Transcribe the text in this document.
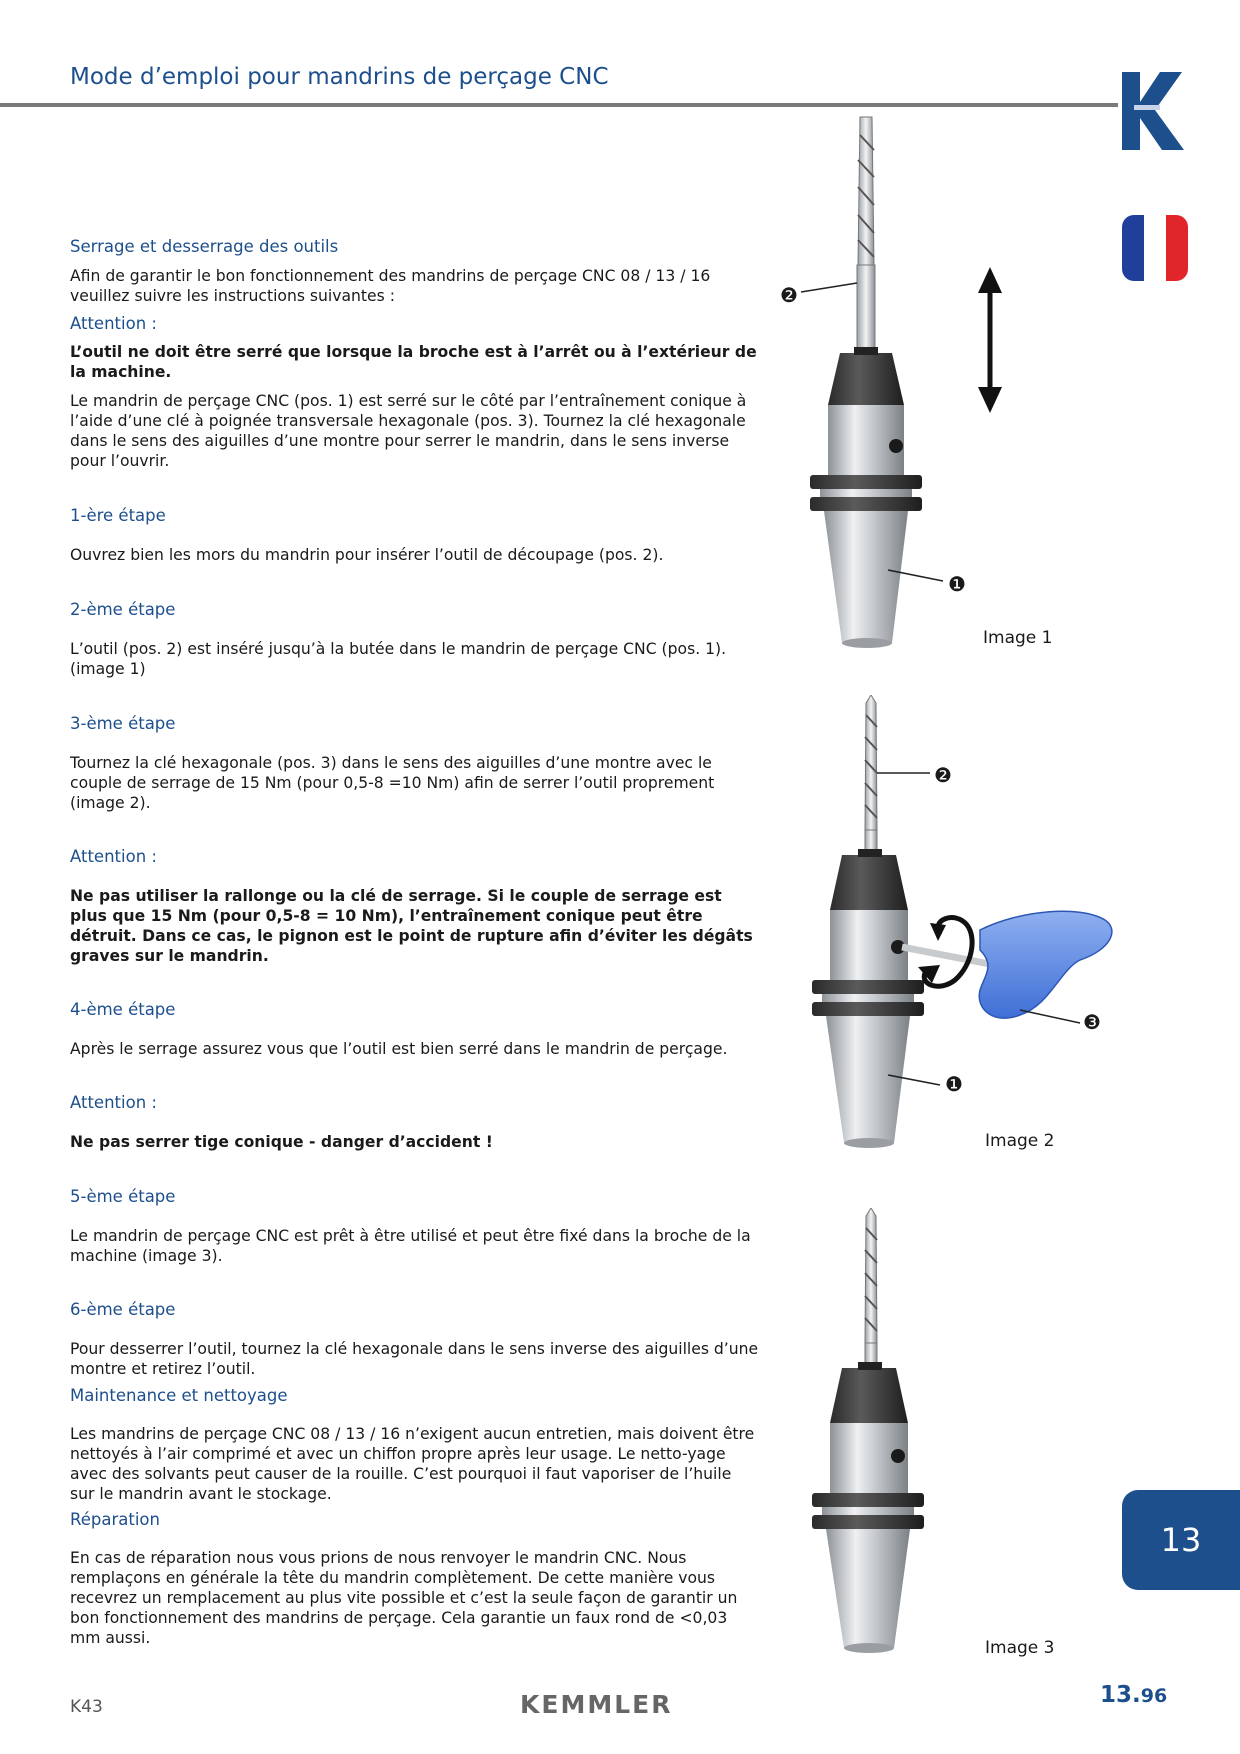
Mode d’emploi pour mandrins de perçage CNC
Serrage et desserrage des outils
Afin de garantir le bon fonctionnement des mandrins de perçage CNC 08 / 13 / 16 veuillez suivre les instructions suivantes :
Attention :
L’outil ne doit être serré que lorsque la broche est à l’arrêt ou à l’extérieur de la machine.
Le mandrin de perçage CNC (pos. 1) est serré sur le côté par l’entraînement conique à l’aide d’une clé à poignée transversale hexagonale (pos. 3). Tournez la clé hexagonale dans le sens des aiguilles d’une montre pour serrer le mandrin, dans le sens inverse pour l’ouvrir.
1-ère étape
Ouvrez bien les mors du mandrin pour insérer l’outil de découpage (pos. 2).
2-ème étape
L’outil (pos. 2) est inséré jusqu’à la butée dans le mandrin de perçage CNC (pos. 1). (image 1)
3-ème étape
Tournez la clé hexagonale (pos. 3) dans le sens des aiguilles d’une montre avec le couple de serrage de 15 Nm (pour 0,5-8 =10 Nm) afin de serrer l’outil proprement (image 2).
Attention :
Ne pas utiliser la rallonge ou la clé de serrage. Si le couple de serrage est plus que 15 Nm (pour 0,5-8 = 10 Nm), l’entraînement conique peut être détruit. Dans ce cas, le pignon est le point de rupture afin d’éviter les dégâts graves sur le mandrin.
4-ème étape
Après le serrage assurez vous que l’outil est bien serré dans le mandrin de perçage.
Attention :
Ne pas serrer tige conique - danger d’accident !
5-ème étape
Le mandrin de perçage CNC est prêt à être utilisé et peut être fixé dans la broche de la machine (image 3).
6-ème étape
Pour desserrer l’outil, tournez la clé hexagonale dans le sens inverse des aiguilles d’une montre et retirez l’outil.
Maintenance et nettoyage
Les mandrins de perçage CNC 08 / 13 / 16 n’exigent aucun entretien, mais doivent être nettoyés à l’air comprimé et avec un chiffon propre après leur usage. Le netto-yage avec des solvants peut causer de la rouille. C’est pourquoi il faut vaporiser de l’huile sur le mandrin avant le stockage.
Réparation
En cas de réparation nous vous prions de nous renvoyer le mandrin CNC. Nous remplaçons en générale la tête du mandrin complètement. De cette manière vous recevrez un remplacement au plus vite possible et c’est la seule façon de garantir un bon fonctionnement des mandrins de perçage. Cela garantie un faux rond de <0,03 mm aussi.
❷
❶
Image 1
❷
❶
❸
Image 2
Image 3
13
K43	KEMMLER	13.96
